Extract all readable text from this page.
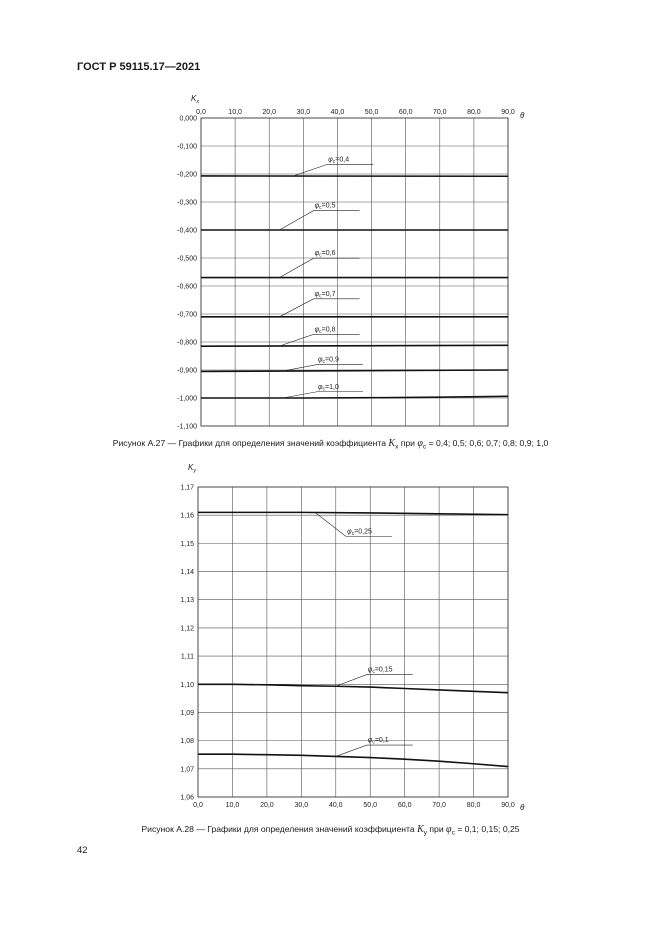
ГОСТ Р 59115.17—2021
0,0	10,0	20,0	30,0	40,0	50,0	60,0	70,0	80,0	90,0
0,000
-0,100
-0,200
-0,300
-0,400
-0,500
-0,600
-0,700
-0,800
-0,900
-1,000
-1,100
$K_x$
θ
$\varphi_c=0,4$
$\varphi_c=0,5$
$\varphi_c=0,6$
$\varphi_c=0,7$
$\varphi_c=0,8$
$\varphi_c=0,9$
$\varphi_c=1,0$
Рисунок А.27 — Графики для определения значений коэффициента $K_x$ при $\varphi_c = 0,4$; 0,5; 0,6; 0,7; 0,8; 0,9; 1,0
0,0	10,0	20,0	30,0	40,0	50,0	60,0	70,0	80,0	90,0
1,17
1,16
1,15
1,14
1,13
1,12
1,11
1,10
1,09
1,08
1,07
1,06
$K_y$
θ
$\varphi_c=0,25$
$\varphi_c=0,15$
$\varphi_c=0,1$
Рисунок А.28 — Графики для определения значений коэффициента $K_y$ при $\varphi_c = 0,1$; 0,15; 0,25
42
